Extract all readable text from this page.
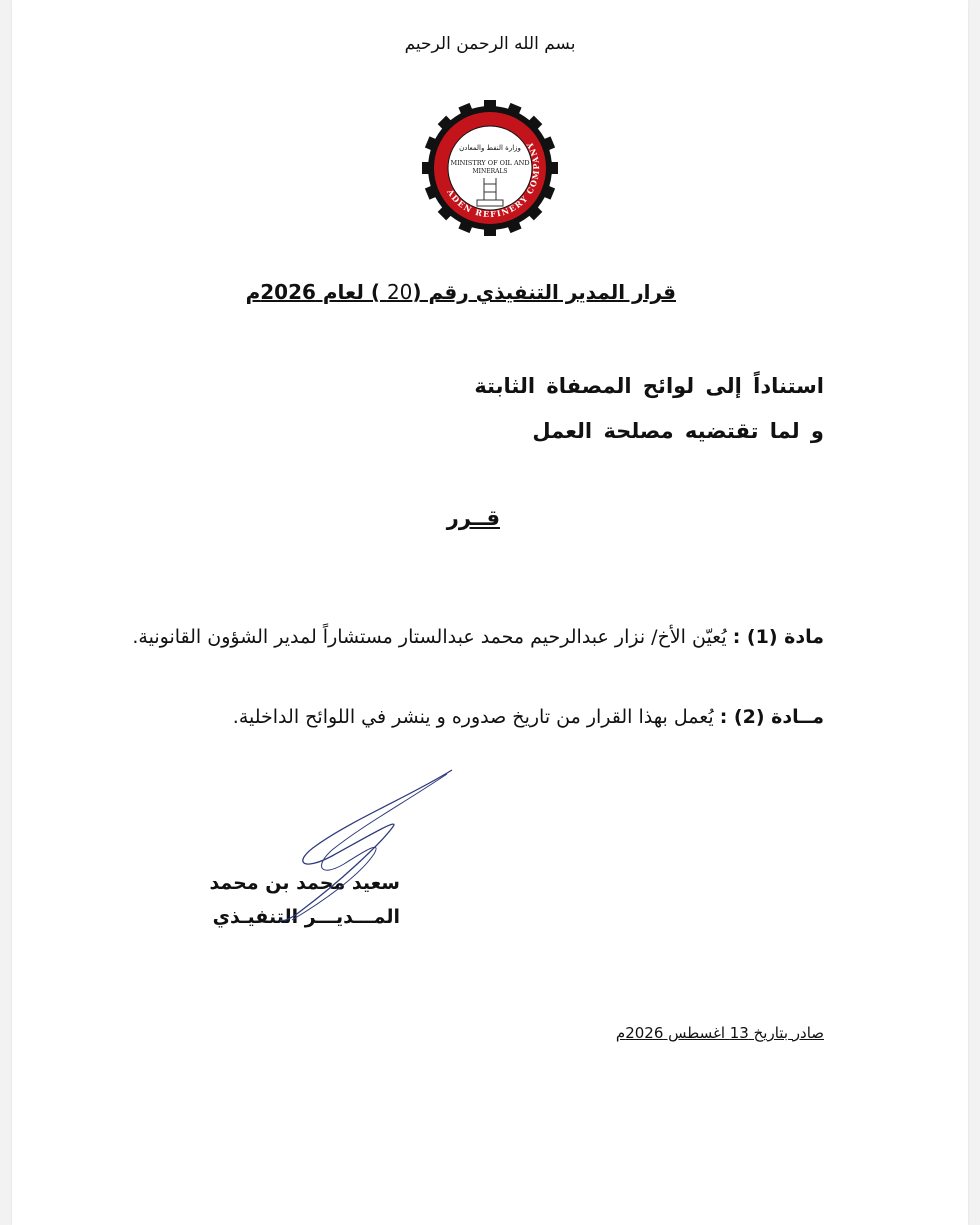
بسم الله الرحمن الرحيم
ADEN REFINERY COMPANY
وزارة النفط والمعادن
MINISTRY OF OIL AND
MINERALS
قرار المدير التنفيذي رقم (20 ) لعام 2026م
استناداً إلى لوائح المصفاة الثابتة
و لما تقتضيه مصلحة العمل
قــرر
مادة (1) : يُعيّن الأخ/ نزار عبدالرحيم محمد عبدالستار مستشاراً لمدير الشؤون القانونية.
مــادة (2) : يُعمل بهذا القرار من تاريخ صدوره و ينشر في اللوائح الداخلية.
سعيد محمد بن محمد
المـــديـــر التنفيـذي
صادر بتاريخ 13 اغسطس 2026م
